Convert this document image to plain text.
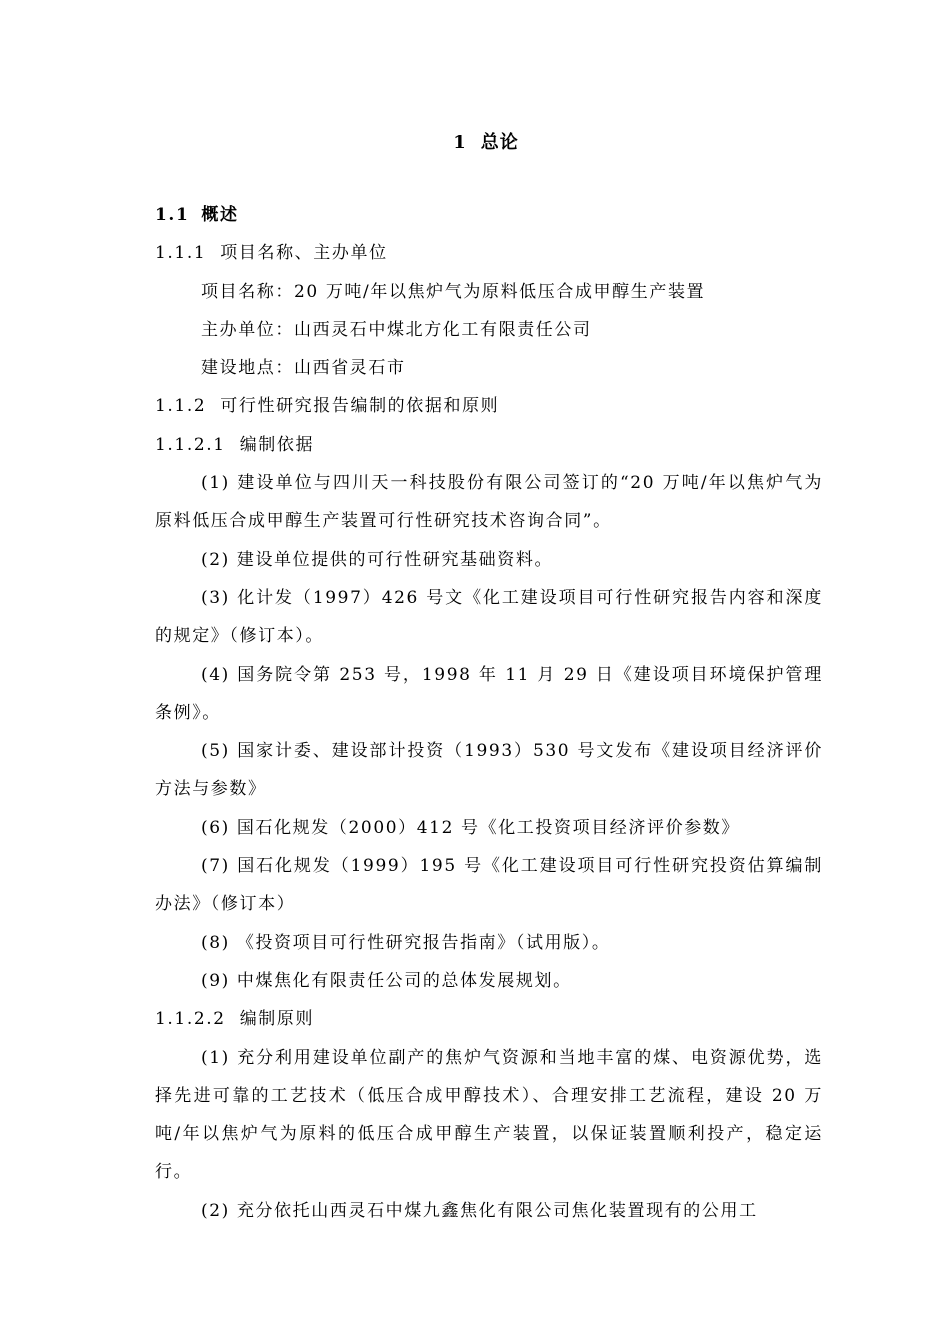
1 总论

1.1 概述

1.1.1 项目名称、主办单位

项目名称：20 万吨/年以焦炉气为原料低压合成甲醇生产装置

主办单位：山西灵石中煤北方化工有限责任公司

建设地点：山西省灵石市

1.1.2 可行性研究报告编制的依据和原则

1.1.2.1 编制依据

(1) 建设单位与四川天一科技股份有限公司签订的“20 万吨/年以焦炉气为原料低压合成甲醇生产装置可行性研究技术咨询合同”。

(2) 建设单位提供的可行性研究基础资料。

(3) 化计发（1997）426 号文《化工建设项目可行性研究报告内容和深度的规定》（修订本）。

(4) 国务院令第 253 号，1998 年 11 月 29 日《建设项目环境保护管理条例》。

(5) 国家计委、建设部计投资（1993）530 号文发布《建设项目经济评价方法与参数》

(6) 国石化规发（2000）412 号《化工投资项目经济评价参数》

(7) 国石化规发（1999）195 号《化工建设项目可行性研究投资估算编制办法》（修订本）

(8) 《投资项目可行性研究报告指南》（试用版）。

(9) 中煤焦化有限责任公司的总体发展规划。

1.1.2.2 编制原则

(1) 充分利用建设单位副产的焦炉气资源和当地丰富的煤、电资源优势，选择先进可靠的工艺技术（低压合成甲醇技术）、合理安排工艺流程，建设 20 万吨/年以焦炉气为原料的低压合成甲醇生产装置，以保证装置顺利投产，稳定运行。

(2) 充分依托山西灵石中煤九鑫焦化有限公司焦化装置现有的公用工
